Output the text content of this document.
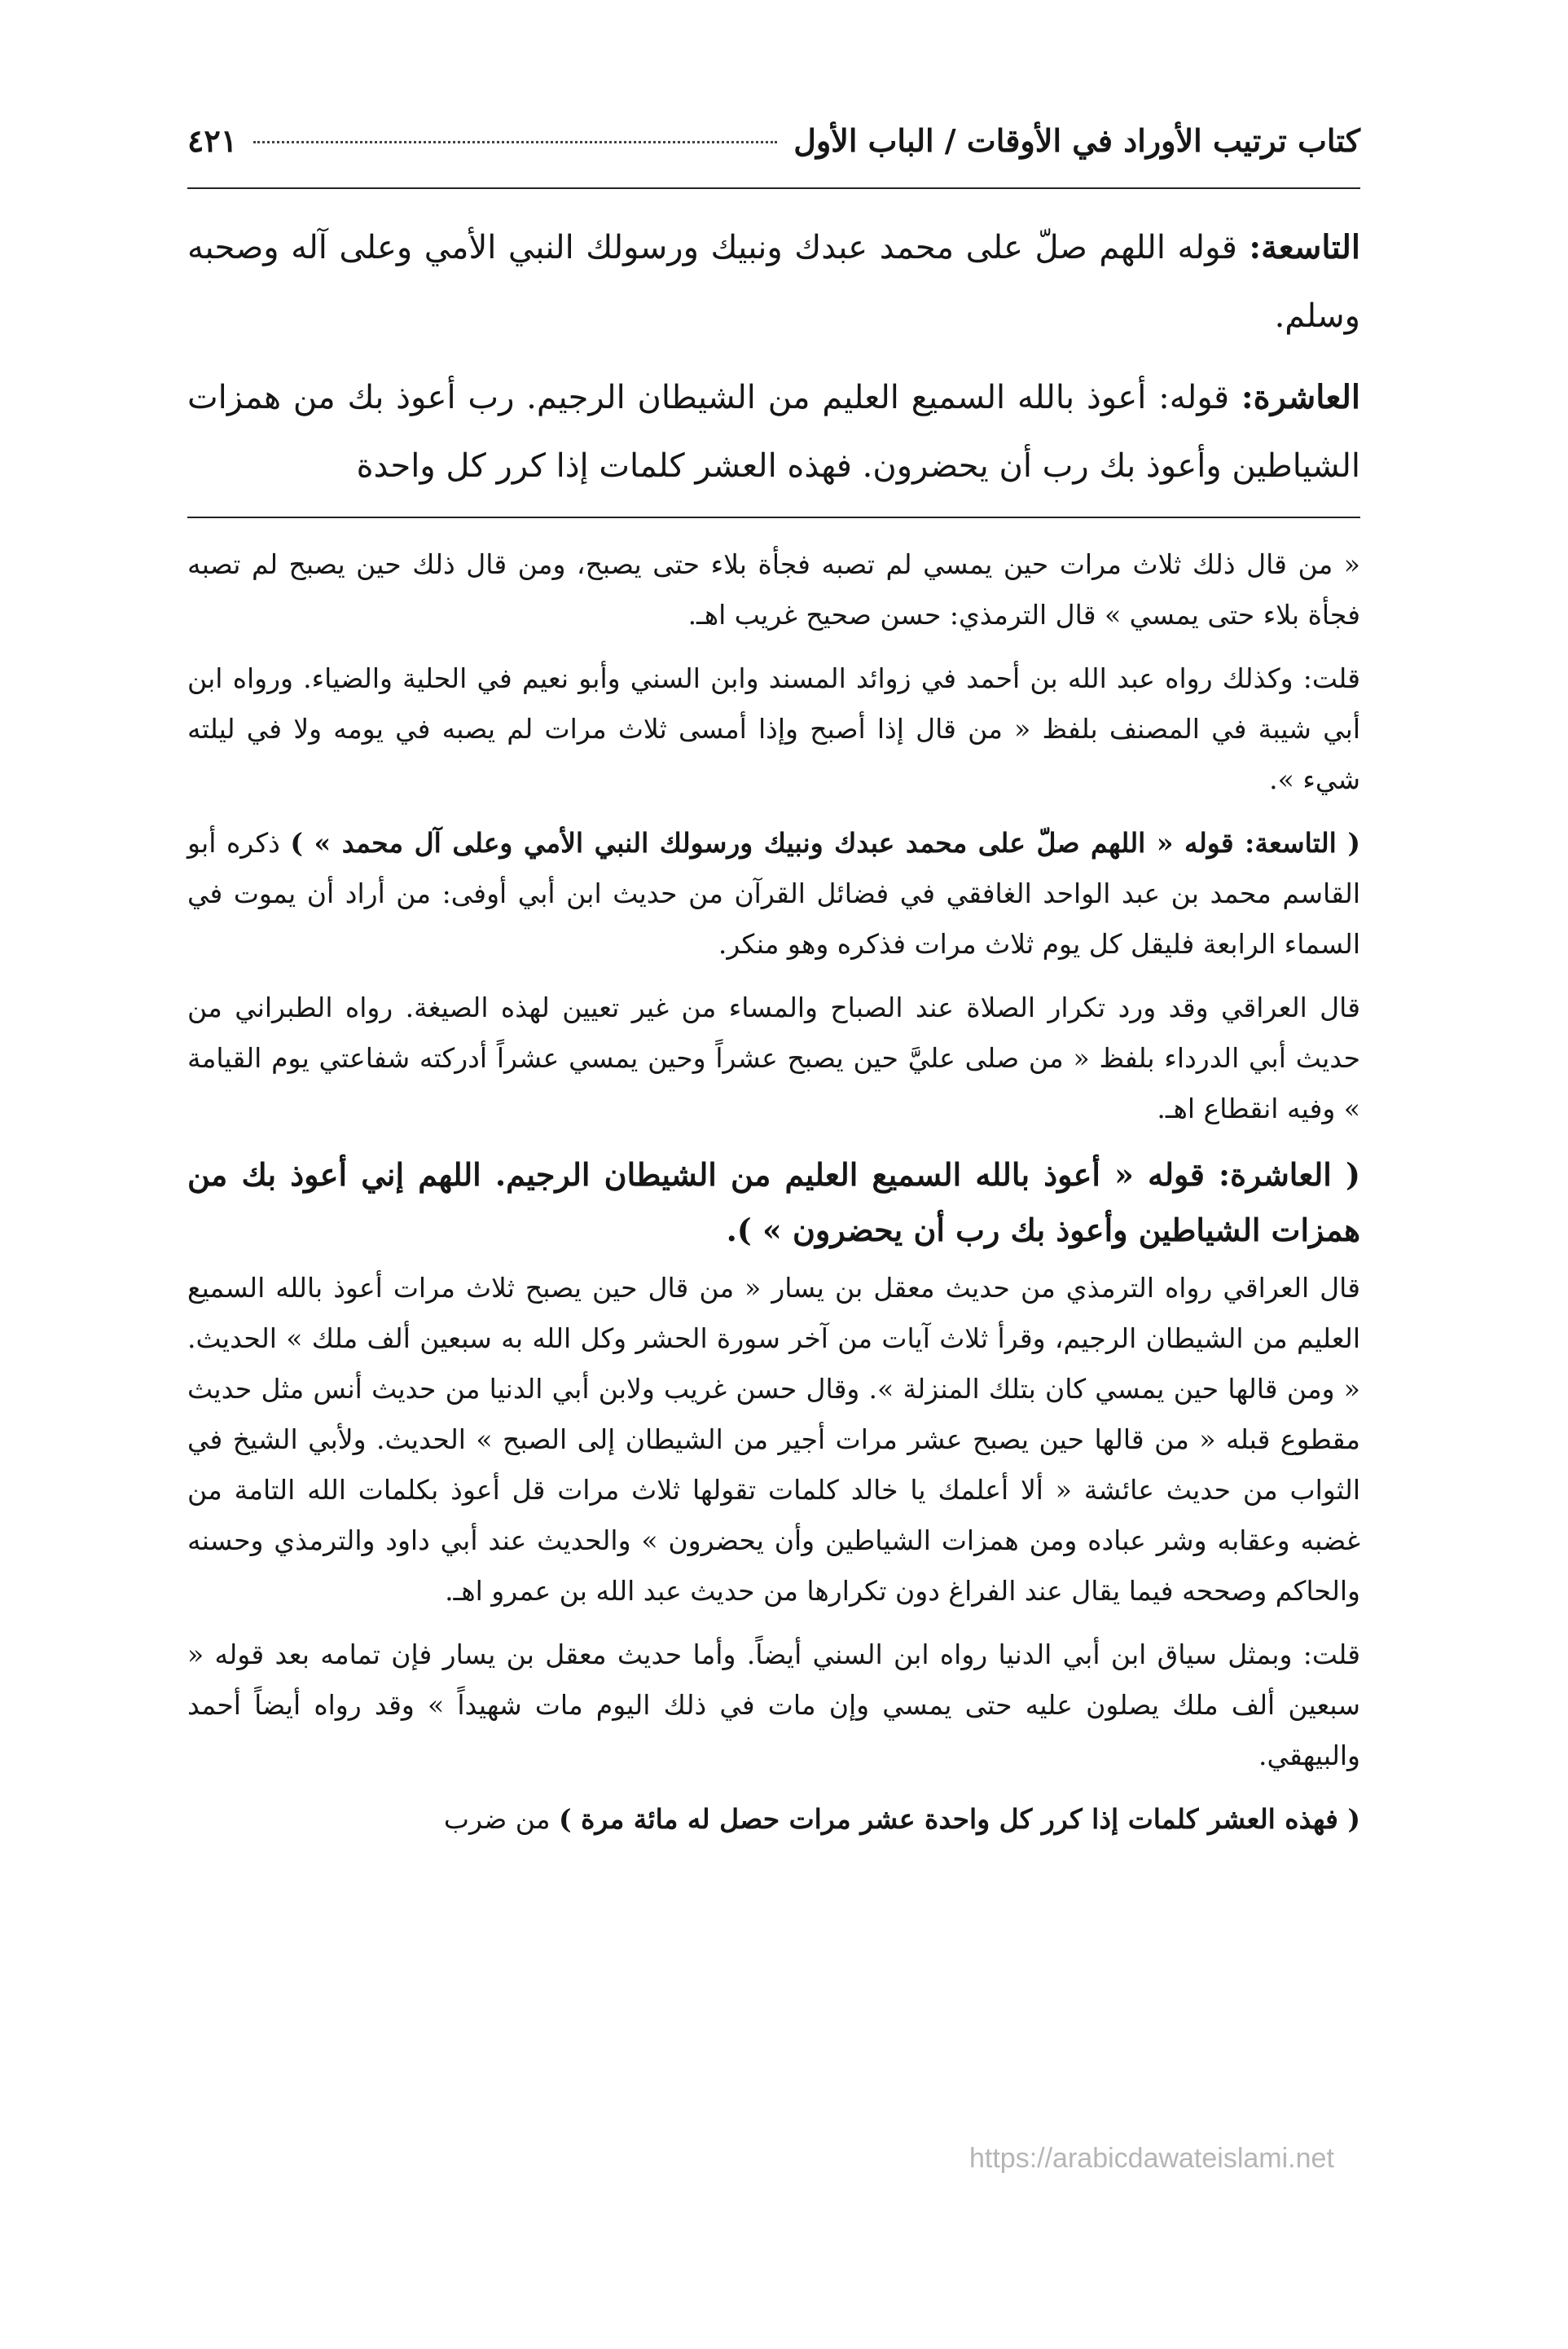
كتاب ترتيب الأوراد في الأوقات / الباب الأول
٤٢١

التاسعة: قوله اللهم صلّ على محمد عبدك ونبيك ورسولك النبي الأمي وعلى آله وصحبه وسلم.

العاشرة: قوله: أعوذ بالله السميع العليم من الشيطان الرجيم. رب أعوذ بك من همزات الشياطين وأعوذ بك رب أن يحضرون. فهذه العشر كلمات إذا كرر كل واحدة

« من قال ذلك ثلاث مرات حين يمسي لم تصبه فجأة بلاء حتى يصبح، ومن قال ذلك حين يصبح لم تصبه فجأة بلاء حتى يمسي » قال الترمذي: حسن صحيح غريب اهـ.

قلت: وكذلك رواه عبد الله بن أحمد في زوائد المسند وابن السني وأبو نعيم في الحلية والضياء. ورواه ابن أبي شيبة في المصنف بلفظ « من قال إذا أصبح وإذا أمسى ثلاث مرات لم يصبه في يومه ولا في ليلته شيء ».

( التاسعة: قوله « اللهم صلّ على محمد عبدك ونبيك ورسولك النبي الأمي وعلى آل محمد » ) ذكره أبو القاسم محمد بن عبد الواحد الغافقي في فضائل القرآن من حديث ابن أبي أوفى: من أراد أن يموت في السماء الرابعة فليقل كل يوم ثلاث مرات فذكره وهو منكر.

قال العراقي وقد ورد تكرار الصلاة عند الصباح والمساء من غير تعيين لهذه الصيغة. رواه الطبراني من حديث أبي الدرداء بلفظ « من صلى عليَّ حين يصبح عشراً وحين يمسي عشراً أدركته شفاعتي يوم القيامة » وفيه انقطاع اهـ.

( العاشرة: قوله « أعوذ بالله السميع العليم من الشيطان الرجيم. اللهم إني أعوذ بك من همزات الشياطين وأعوذ بك رب أن يحضرون » ).

قال العراقي رواه الترمذي من حديث معقل بن يسار « من قال حين يصبح ثلاث مرات أعوذ بالله السميع العليم من الشيطان الرجيم، وقرأ ثلاث آيات من آخر سورة الحشر وكل الله به سبعين ألف ملك » الحديث. « ومن قالها حين يمسي كان بتلك المنزلة ». وقال حسن غريب ولابن أبي الدنيا من حديث أنس مثل حديث مقطوع قبله « من قالها حين يصبح عشر مرات أجير من الشيطان إلى الصبح » الحديث. ولأبي الشيخ في الثواب من حديث عائشة « ألا أعلمك يا خالد كلمات تقولها ثلاث مرات قل أعوذ بكلمات الله التامة من غضبه وعقابه وشر عباده ومن همزات الشياطين وأن يحضرون » والحديث عند أبي داود والترمذي وحسنه والحاكم وصححه فيما يقال عند الفراغ دون تكرارها من حديث عبد الله بن عمرو اهـ.

قلت: وبمثل سياق ابن أبي الدنيا رواه ابن السني أيضاً. وأما حديث معقل بن يسار فإن تمامه بعد قوله « سبعين ألف ملك يصلون عليه حتى يمسي وإن مات في ذلك اليوم مات شهيداً » وقد رواه أيضاً أحمد والبيهقي.

( فهذه العشر كلمات إذا كرر كل واحدة عشر مرات حصل له مائة مرة ) من ضرب

https://arabicdawateislami.net
